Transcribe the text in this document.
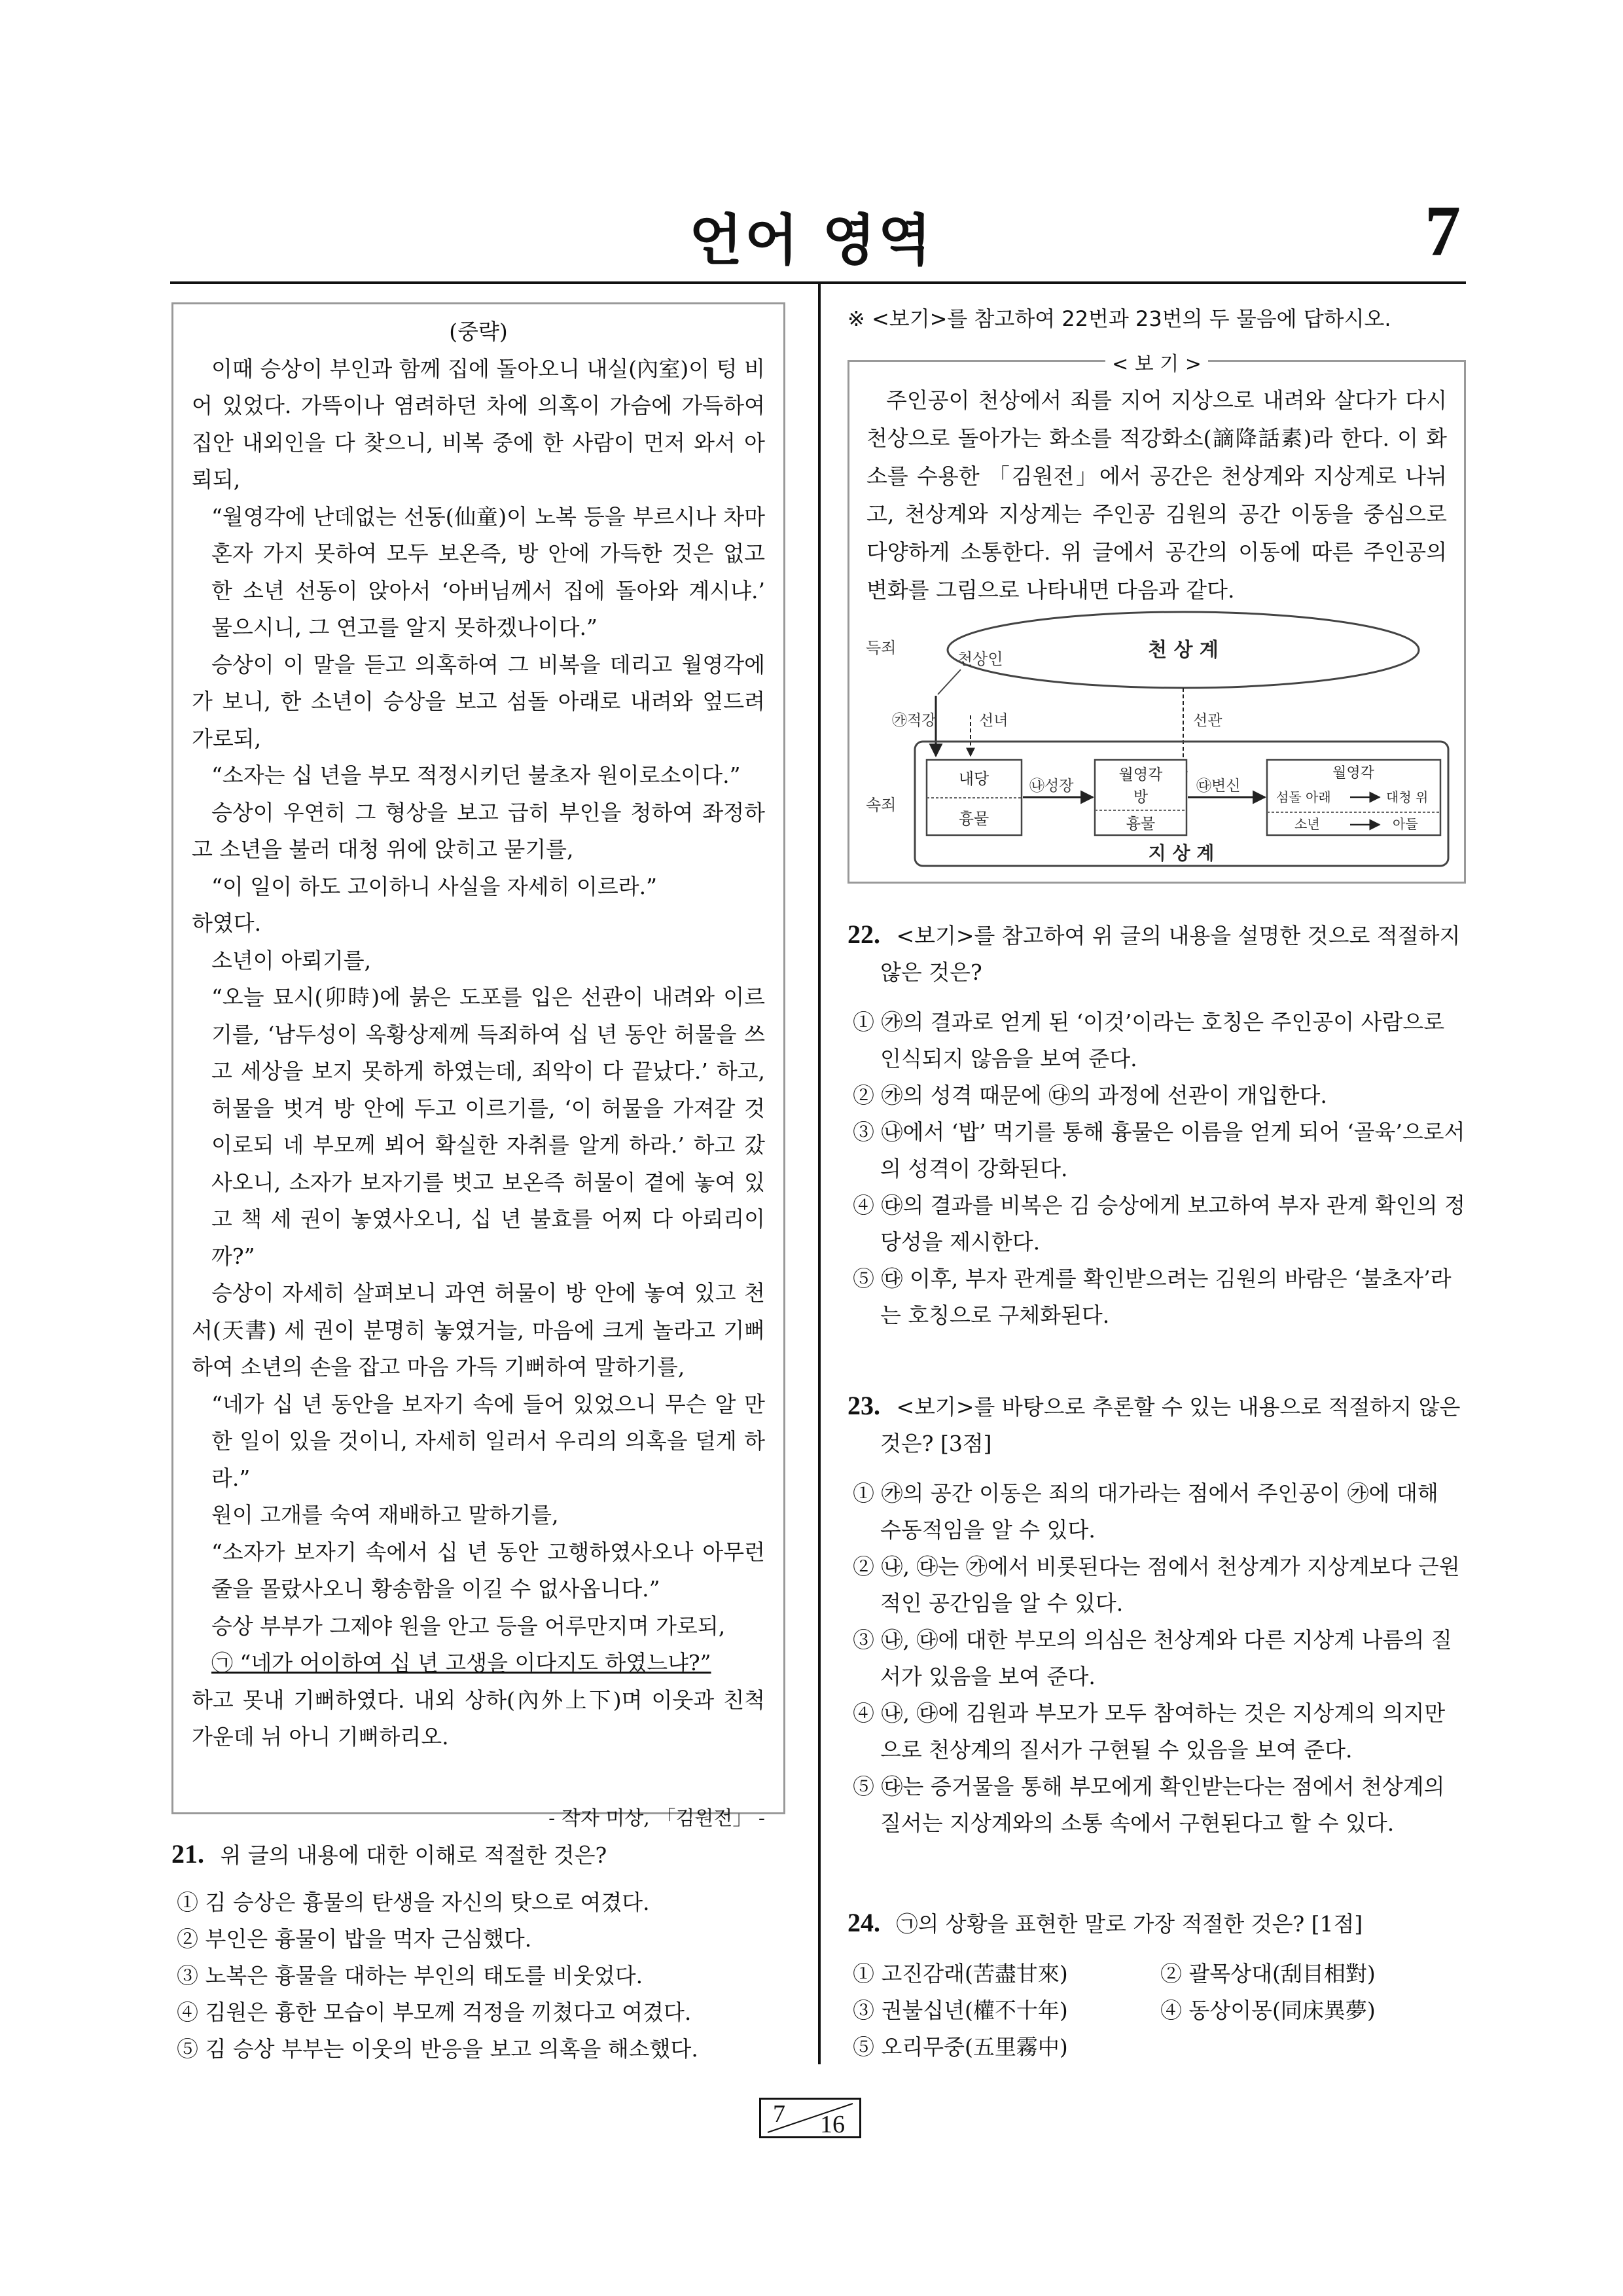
언어 영역	7

(중략)

이때 승상이 부인과 함께 집에 돌아오니 내실(內室)이 텅 비어 있었다. 가뜩이나 염려하던 차에 의혹이 가슴에 가득하여 집안 내외인을 다 찾으니, 비복 중에 한 사람이 먼저 와서 아뢰되,

“월영각에 난데없는 선동(仙童)이 노복 등을 부르시나 차마 혼자 가지 못하여 모두 보온즉, 방 안에 가득한 것은 없고 한 소년 선동이 앉아서 ‘아버님께서 집에 돌아와 계시냐.’ 물으시니, 그 연고를 알지 못하겠나이다.”

승상이 이 말을 듣고 의혹하여 그 비복을 데리고 월영각에 가 보니, 한 소년이 승상을 보고 섬돌 아래로 내려와 엎드려 가로되,

“소자는 십 년을 부모 적정시키던 불초자 원이로소이다.”

승상이 우연히 그 형상을 보고 급히 부인을 청하여 좌정하고 소년을 불러 대청 위에 앉히고 묻기를,

“이 일이 하도 고이하니 사실을 자세히 이르라.”

하였다.

소년이 아뢰기를,

“오늘 묘시(卯時)에 붉은 도포를 입은 선관이 내려와 이르기를, ‘남두성이 옥황상제께 득죄하여 십 년 동안 허물을 쓰고 세상을 보지 못하게 하였는데, 죄악이 다 끝났다.’ 하고, 허물을 벗겨 방 안에 두고 이르기를, ‘이 허물을 가져갈 것이로되 네 부모께 뵈어 확실한 자취를 알게 하라.’ 하고 갔사오니, 소자가 보자기를 벗고 보온즉 허물이 곁에 놓여 있고 책 세 권이 놓였사오니, 십 년 불효를 어찌 다 아뢰리이까?”

승상이 자세히 살펴보니 과연 허물이 방 안에 놓여 있고 천서(天書) 세 권이 분명히 놓였거늘, 마음에 크게 놀라고 기뻐하여 소년의 손을 잡고 마음 가득 기뻐하여 말하기를,

“네가 십 년 동안을 보자기 속에 들어 있었으니 무슨 알 만한 일이 있을 것이니, 자세히 일러서 우리의 의혹을 덜게 하라.”

원이 고개를 숙여 재배하고 말하기를,

“소자가 보자기 속에서 십 년 동안 고행하였사오나 아무런 줄을 몰랐사오니 황송함을 이길 수 없사옵니다.”

승상 부부가 그제야 원을 안고 등을 어루만지며 가로되,

㉠ “네가 어이하여 십 년 고생을 이다지도 하였느냐?”

하고 못내 기뻐하였다. 내외 상하(內外上下)며 이웃과 친척 가운데 뉘 아니 기뻐하리오.

- 작자 미상, 「김원전」 -
21. 위 글의 내용에 대한 이해로 적절한 것은?

① 김 승상은 흉물의 탄생을 자신의 탓으로 여겼다.

② 부인은 흉물이 밥을 먹자 근심했다.

③ 노복은 흉물을 대하는 부인의 태도를 비웃었다.

④ 김원은 흉한 모습이 부모께 걱정을 끼쳤다고 여겼다.

⑤ 김 승상 부부는 이웃의 반응을 보고 의혹을 해소했다.

※ <보기>를 참고하여 22번과 23번의 두 물음에 답하시오.
< 보 기 >

주인공이 천상에서 죄를 지어 지상으로 내려와 살다가 다시 천상으로 돌아가는 화소를 적강화소(謫降話素)라 한다. 이 화소를 수용한 「김원전」에서 공간은 천상계와 지상계로 나뉘고, 천상계와 지상계는 주인공 김원의 공간 이동을 중심으로 다양하게 소통한다. 위 글에서 공간의 이동에 따른 주인공의 변화를 그림으로 나타내면 다음과 같다.

득죄	천 상 계
천상인
㉮적강	선녀	선관
속죄
지 상 계
내당
흉물
㉯성장
월영각
방
흉물
㉰변신
월영각
섬돌 아래	대청 위
소년	아들
22. <보기>를 참고하여 위 글의 내용을 설명한 것으로 적절하지 않은 것은?

① ㉮의 결과로 얻게 된 ‘이것’이라는 호칭은 주인공이 사람으로 인식되지 않음을 보여 준다.

② ㉮의 성격 때문에 ㉰의 과정에 선관이 개입한다.

③ ㉯에서 ‘밥’ 먹기를 통해 흉물은 이름을 얻게 되어 ‘골육’으로서의 성격이 강화된다.

④ ㉰의 결과를 비복은 김 승상에게 보고하여 부자 관계 확인의 정당성을 제시한다.

⑤ ㉰ 이후, 부자 관계를 확인받으려는 김원의 바람은 ‘불초자’라는 호칭으로 구체화된다.

23. <보기>를 바탕으로 추론할 수 있는 내용으로 적절하지 않은 것은? [3점]

① ㉮의 공간 이동은 죄의 대가라는 점에서 주인공이 ㉮에 대해 수동적임을 알 수 있다.

② ㉯, ㉰는 ㉮에서 비롯된다는 점에서 천상계가 지상계보다 근원적인 공간임을 알 수 있다.

③ ㉯, ㉰에 대한 부모의 의심은 천상계와 다른 지상계 나름의 질서가 있음을 보여 준다.

④ ㉯, ㉰에 김원과 부모가 모두 참여하는 것은 지상계의 의지만으로 천상계의 질서가 구현될 수 있음을 보여 준다.

⑤ ㉰는 증거물을 통해 부모에게 확인받는다는 점에서 천상계의 질서는 지상계와의 소통 속에서 구현된다고 할 수 있다.

24. ㉠의 상황을 표현한 말로 가장 적절한 것은? [1점]

① 고진감래(苦盡甘來)	② 괄목상대(刮目相對)

③ 권불십년(權不十年)	④ 동상이몽(同床異夢)

⑤ 오리무중(五里霧中)

7 16
